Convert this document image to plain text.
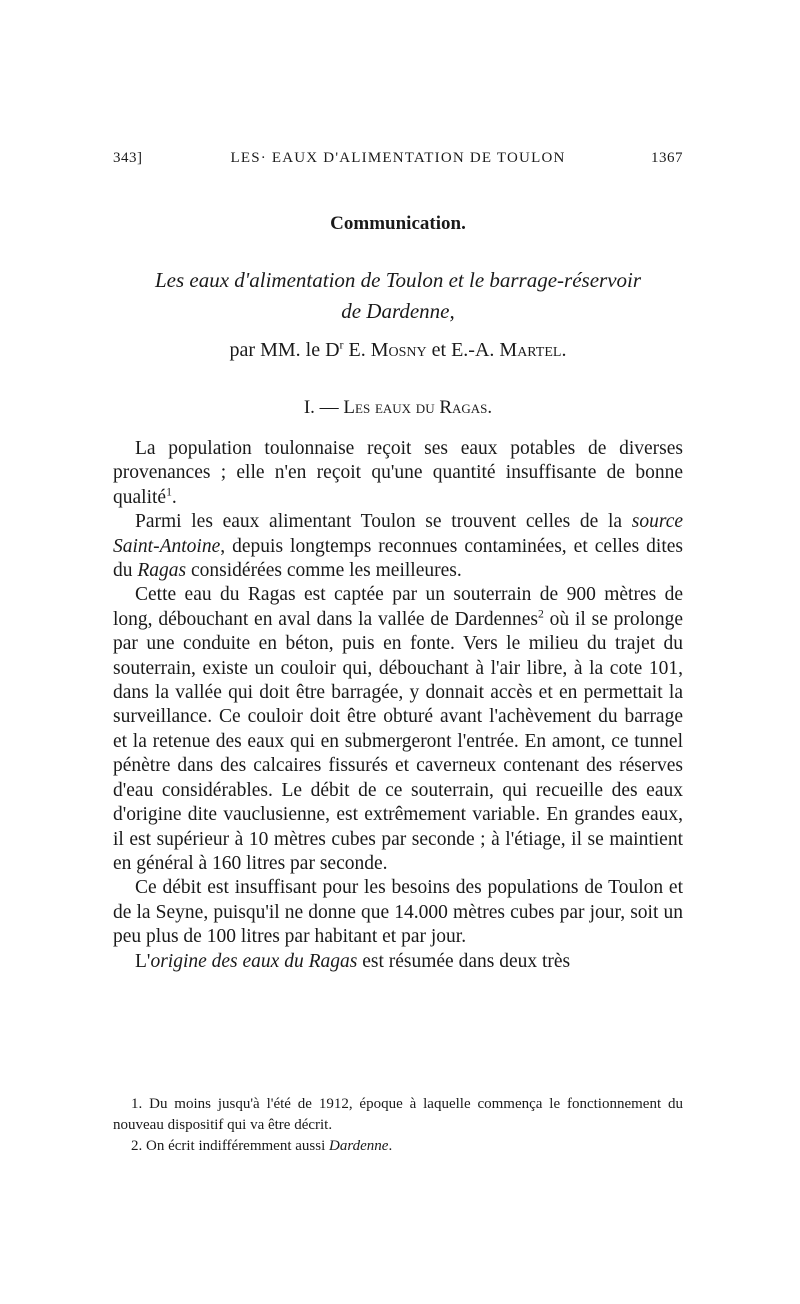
343]	LES· EAUX D'ALIMENTATION DE TOULON	1367
Communication.
Les eaux d'alimentation de Toulon et le barrage-réservoir
de Dardenne,
par MM. le $D^r$ E. Mosny et E.-A. Martel.
I. — Les eaux du Ragas.

La population toulonnaise reçoit ses eaux potables de diverses provenances ; elle n'en reçoit qu'une quantité insuffisante de bonne qualité$^1$.

Parmi les eaux alimentant Toulon se trouvent celles de la source Saint-Antoine, depuis longtemps reconnues contaminées, et celles dites du Ragas considérées comme les meilleures.

Cette eau du Ragas est captée par un souterrain de 900 mètres de long, débouchant en aval dans la vallée de Dardennes$^2$ où il se prolonge par une conduite en béton, puis en fonte. Vers le milieu du trajet du souterrain, existe un couloir qui, débouchant à l'air libre, à la cote 101, dans la vallée qui doit être barragée, y donnait accès et en permettait la surveillance. Ce couloir doit être obturé avant l'achèvement du barrage et la retenue des eaux qui en submergeront l'entrée. En amont, ce tunnel pénètre dans des calcaires fissurés et caverneux contenant des réserves d'eau considérables. Le débit de ce souterrain, qui recueille des eaux d'origine dite vauclusienne, est extrêmement variable. En grandes eaux, il est supérieur à 10 mètres cubes par seconde ; à l'étiage, il se maintient en général à 160 litres par seconde.

Ce débit est insuffisant pour les besoins des populations de Toulon et de la Seyne, puisqu'il ne donne que 14.000 mètres cubes par jour, soit un peu plus de 100 litres par habitant et par jour.

L'origine des eaux du Ragas est résumée dans deux très

1. Du moins jusqu'à l'été de 1912, époque à laquelle commença le fonctionnement du nouveau dispositif qui va être décrit.

2. On écrit indifféremment aussi Dardenne.
